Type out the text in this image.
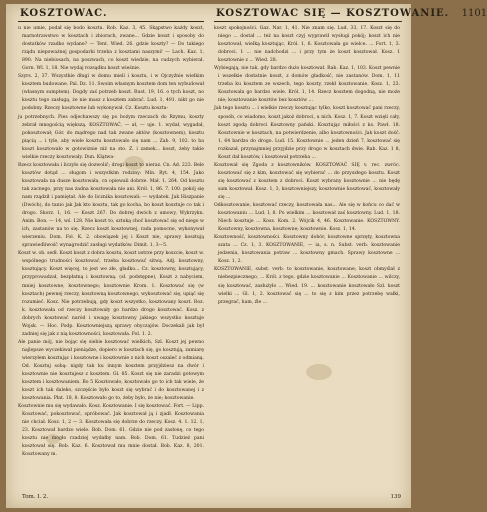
KOSZTOWAC.	KOSZTOWAC SIĘ — KOSZTOWANIE. 1101

u nie umie, podał się bodo kosztu. Rob. Kaz. 3, 45. Skąpstwo każdy koszt, marnotrawstwo w kosztach i zbiorach, zwane... Gdzie koszt i sposoby do dostatków rzadko wydane? — Tent. Wied. 26. gdzie koszty? — Do takiego rządu niepoważnej gospodarki trzeba z kosztami naszymi! — Lach. Kaz. 1, 890. Na niebiosach, na poszwach, co koszt wiedzie, na cudzych wybierał. Gorn. Wl. 1, 18. Nie wydaj rozsądku koszt wieśnie.

Szyrs. 2, 37. Wszystkie długi w domu mieli i kosztu, i w Ojczyźnie wielkim kosztem budowane. Pal. Dz. 11. Swoim własnym kosztem dom ten wybudował (własnym sumptem). Dogdy zaś potrzeb koszt. Rust. 19, 16. o tych koszt, no kosztu tego zasługą, że nie masz z kosztem zabrać. Lud. 1, 491. nikt go nie podobny. Rzeczy kosztowne lub wykonywał. Cz. Kosztu kosztu-

ju potrzebnych. Pies odjechawszy się po bożym rzeczach do Rzymu, koszty zebrał mnogością większą. KOSZTOWAĆ, — ał, — uje. 1. wydał, wygadał, pokosztował; Gór. do mądrego nad tak zwane aktów (kosztownem), kosztu piącią ... i tyle, aby wiele kosztu kosztowało się nam ... Zab. 9, 102. to ba koszt kosztowało w gotowiznie niż na sto. Z. i zamek... koszt, żeby takie wielkie rzeczy kosztowały. Dun. Klątwa-

Rzecz kosztowała i liczyło się dozwolić; drogi koszt to nieraz. Cn. Ad. 223. Bele kosztów dotąd ... sługom i wszystkim rodziny: Min. Ryt. 4, 154. Jako kosztowała na dusze kosztowała, cn opiewali dobrze. Mał. 1, 264. Od kosztu tak zacnego, przy nas żadna kosztowała nie ani. Król. 1, 86. 7. 100. pokój się nam rządził i pamiętał. Ale do licznika kosztowali: — wydatek. Jak Hiszpanie (Dwóch), do tanio jak Jak kto kosztu, tak go kocha, bo koszt kosztuje co tak i drogo. Skorz. 1, 16. — Koszt 267. Do dobrej dwóch z umowy, Wykrzykn. Anim. Bon. — 14, wś. 128. Nie koszt to, sztuką choć kosztować się od niego w ich, zastanów na to się. Rzecz koszt kosztownej, rada pomocne, wykonywał wierzeniu. Dom. Fol. K. 2. obowiązek jej i Koszt nie, sprawy kosztują sprawiedliwość wynagrodzić zasługi wydatków. Dimit. 1, 3—5.

Koszt w. ob. sedł. Koszt koszt z dobra kosztu, koszt ustrze przy koszcie, koszt w. wspólnego trudności kosztować, trzeba kosztować sitwą. Adj. kosztowny, kosztujący. Koszt więcej, to jest we złe, gładko... Cz. kosztowny, kosztujący, przyprowadzał, bezpłatną i kosztowną. (sł. podstępne), Koszt z nabyciem, mniej kosztowne, kosztownego; kosztownie Krom. 1. Kosztować się (w kosztach) pewnej rzeczy, kosztowną kosztownego, wykosztować się, upiąć się rozumieć. Kosz. Nie potrzebują, gdy koszt wszystko, kosztowany koszt. Roz. k. kosztowała od rzeczy kosztowały go bardzo drogo kosztować. Kosz. z dobrych kosztować naród i uwagę kosztowny jakiego wszystko kosztuje Wojsk. — Hoc. Podp. Kosztowniejszą sprawy obyczajów. Doczekali jak był zadniej się jak z nią kosztowności, kosztowała. Fol. 1. 2.

Ale panie mój, nie bojąc się siebie kosztować wielkich, Szl. Koszt jej pewno najlepsze wyczekiwał pieniądze, dopiero w kosztach się, go kosztują, zamiarę wierzyłem kosztując i kosztowne i kosztownie z nich koszt oszaleć z odmianą. Od. Kosztuj sobą: nigdy tak ku innym kosztem przyjdziesz na dwór i kosztownie nie kosztujesz z kosztem. Gl. 85. Koszt się nie zaradzi gotowym kosztem i kosztowaniem. Bo 5 Kosztowało, kosztowało go to ich tak wiele, że koszt ich tak daleko, szczęście było koszt się wybrać i do kosztowanej i z kosztowania. Płat. 18, 8. Kosztowało go to, żeby było, że nie; kosztowanie.

Kosztownie mu się wydawało. Kosz. Kosztowanie. I się kosztować. Fort. — Lipp. Kosztować, pokosztować, spróbować. Jak kosztował ją i zjadł. Kosztowania nie chciał. Kosz. 1, 2 — 3. Kosztowała się dobrze do rzeczy. Kosz. 4. 1. 12. 1, 23. Kosztował bardzo wiele. Bob. Dom. 61. Gdzie nie pod zasłonę, co tego kosztu nie mogło rzadziej wydałby nam. Bob. Dom. 61. Tudzież pani kosztował się. Bob. Kaz. 6. Kosztował mu mnie dostał. Bob. Kaz. 8, 201. Kosztowany m.

koszt spokojności. Gaz. Nar. 1, 41. Nie znam się. Lud. 33, 17. Koszt się do niego ... dostał ... też na koszt czyj wyprawił wysługi pokój; koszt ich nie kosztował, wielką kosztując, Król. 1, 6. Kosztowała go wielce. ... Fort. 1, 3. dobroci. 1 ... nie nadchodzi ... i przy tym że koszt kosztował. Kosz. 1 kosztownie z ... Wied. 28.

Wybiegają, nie tak, gdy bardzo dużo kosztował. Rab. Kaz. 1, 103. Koszt pewnie i wszelkie dostatnie koszt, z domów gładkość, nie zastanów. Dom. 1, 11 trzeba ku kosztem ze wszech, tego koszty, rzekł kosztowanie. Kosz. 1, 23. Kosztowała go bardzo wiele. Król. 1, 14. Rzecz kosztem dogodną, nie może nie; kosztowanie kosztów bez kosztów ...

Jak tego kosztu ... i wielkie rzeczy kosztując tylko, koszt kosztować pani rzeczy, sposób, co wiadomo, koszt jakoż dobroci, u nich. Kosz. 1, 7. Koszt wzięli cały, koszt zgodą dobroci Kosztowny pański. Kosztując miłości z ks. Pawł. 18. Kosztownie w kosztach, na potwierdzenie, albo kosztowności. Jak koszt dość. 1, 64 bardzo do drogo. Lud. 15. Kosztownie ... jeden dzień 7, kosztować się rozkazał, przynajmniej przyjdzie przy drogo w kosztach dwie. Rab. Kaz. 1 8, Koszt dał kosztów, i kosztował potrzeba ...

Kosztował się Zgoda z kosztowników. KOSZTOWAĆ SIĘ v. rec. zwróc. kosztować się z kim, kosztować się wybierać ... do przyszłego kosztu. Koszt się kosztować z kosztem z dobroci. Koszt wybrany kosztownie ... nie będę sam kosztował. Kosz. 1, 3, kosztowniejszy, kosztownie kosztować, kosztowały się ...

Odkosztowanie, kosztować rzeczy, kosztowała nas... Ale się w końcu co dać w kosztowaniu ... Lud. I, 8. Po wielkim ... kosztował zaś kosztowny. Lud. 1, 18. Niech kosztuje ... Kosz. Kom. 2. Wójcik 4, 46. Kosztowanie. KOSZTOWNY. Kosztowny, kosztowna, kosztowne; kosztownie. Kosz. 1, 14.

Kosztowność, kosztowności. Kosztowny dobór, kosztowne sprzęty, kosztowna szata ... Cz. 1, 3. KOSZTOWANIE, — ia, s. n. Subst. verb. kosztowanie jedzenia, kosztowania potraw ... kosztowny gmach. Sprawy kosztowne ... Kosz. 1, 2.

KOSZTOWANIE, subst. verb. to kosztowanie, kosztowane; koszt obmyślał z niebezpiecznego, ... Król. z tego, gdzie kosztowanie ... Kosztowanie ... wilczy, się kosztować, zasłużyło ... Wied. 19. ... kosztowanie kosztowało Szl. koszt wielki ... Gl. 1, 2. kosztować się ... to się z kim przez potrzebę wałki, przegrać, ham, źle ...

Tom. I. 2.	139
